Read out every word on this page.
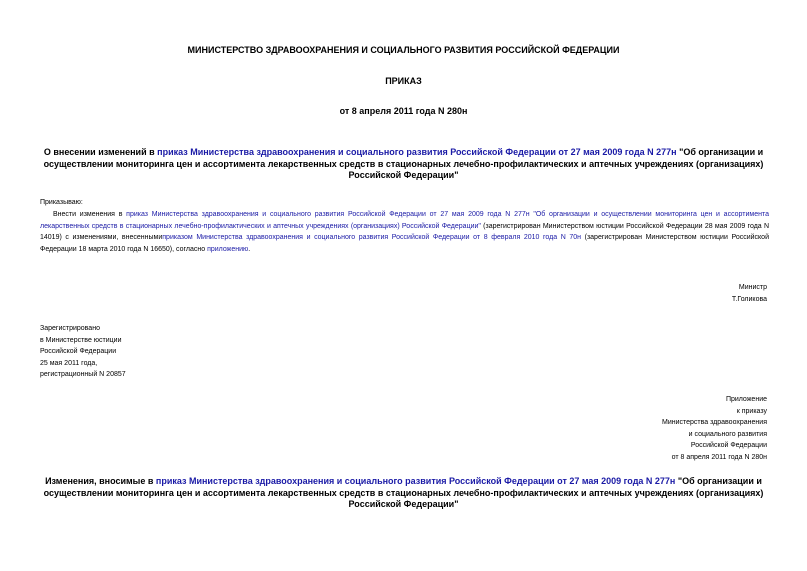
МИНИСТЕРСТВО ЗДРАВООХРАНЕНИЯ И СОЦИАЛЬНОГО РАЗВИТИЯ РОССИЙСКОЙ ФЕДЕРАЦИИ
ПРИКАЗ
от 8 апреля 2011 года N 280н
О внесении изменений в приказ Министерства здравоохранения и социального развития Российской Федерации от 27 мая 2009 года N 277н "Об организации и осуществлении мониторинга цен и ассортимента лекарственных средств в стационарных лечебно-профилактических и аптечных учреждениях (организациях) Российской Федерации"
Приказываю:
Внести изменения в приказ Министерства здравоохранения и социального развития Российской Федерации от 27 мая 2009 года N 277н "Об организации и осуществлении мониторинга цен и ассортимента лекарственных средств в стационарных лечебно-профилактических и аптечных учреждениях (организациях) Российской Федерации" (зарегистрирован Министерством юстиции Российской Федерации 28 мая 2009 года N 14019) с изменениями, внесеннымиприказом Министерства здравоохранения и социального развития Российской Федерации от 8 февраля 2010 года N 70н (зарегистрирован Министерством юстиции Российской Федерации 18 марта 2010 года N 16650), согласно приложению.
Министр
Т.Голикова
Зарегистрировано
в Министерстве юстиции
Российской Федерации
25 мая 2011 года,
регистрационный N 20857
Приложение
к приказу
Министерства здравоохранения
и социального развития
Российской Федерации
от 8 апреля 2011 года N 280н
Изменения, вносимые в приказ Министерства здравоохранения и социального развития Российской Федерации от 27 мая 2009 года N 277н "Об организации и осуществлении мониторинга цен и ассортимента лекарственных средств в стационарных лечебно-профилактических и аптечных учреждениях (организациях) Российской Федерации"
